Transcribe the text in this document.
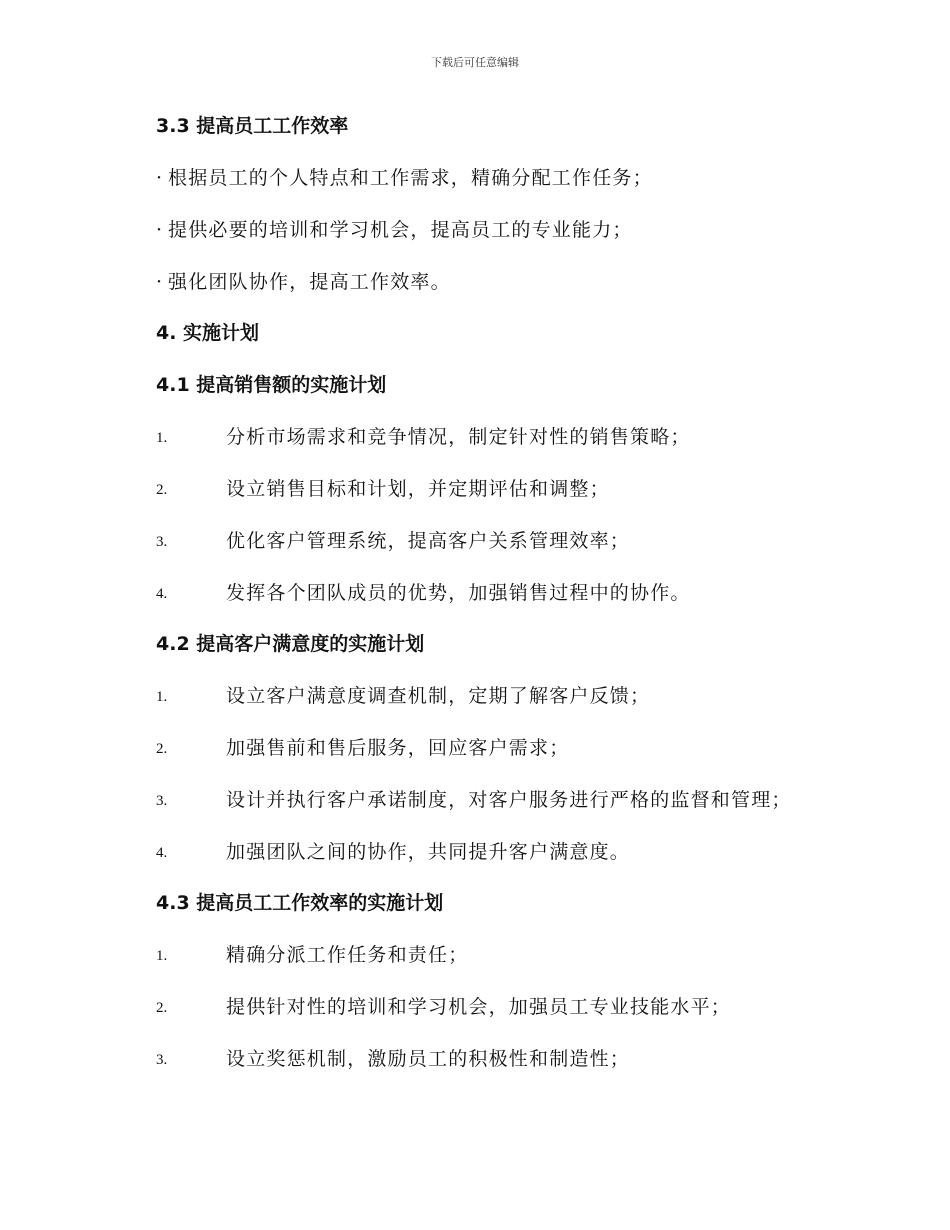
下载后可任意编辑
3.3 提高员工工作效率
· 根据员工的个人特点和工作需求，精确分配工作任务；
· 提供必要的培训和学习机会，提高员工的专业能力；
· 强化团队协作，提高工作效率。
4. 实施计划
4.1 提高销售额的实施计划
1.	分析市场需求和竞争情况，制定针对性的销售策略；
2.	设立销售目标和计划，并定期评估和调整；
3.	优化客户管理系统，提高客户关系管理效率；
4.	发挥各个团队成员的优势，加强销售过程中的协作。
4.2 提高客户满意度的实施计划
1.	设立客户满意度调查机制，定期了解客户反馈；
2.	加强售前和售后服务，回应客户需求；
3.	设计并执行客户承诺制度，对客户服务进行严格的监督和管理；
4.	加强团队之间的协作，共同提升客户满意度。
4.3 提高员工工作效率的实施计划
1.	精确分派工作任务和责任；
2.	提供针对性的培训和学习机会，加强员工专业技能水平；
3.	设立奖惩机制，激励员工的积极性和制造性；
